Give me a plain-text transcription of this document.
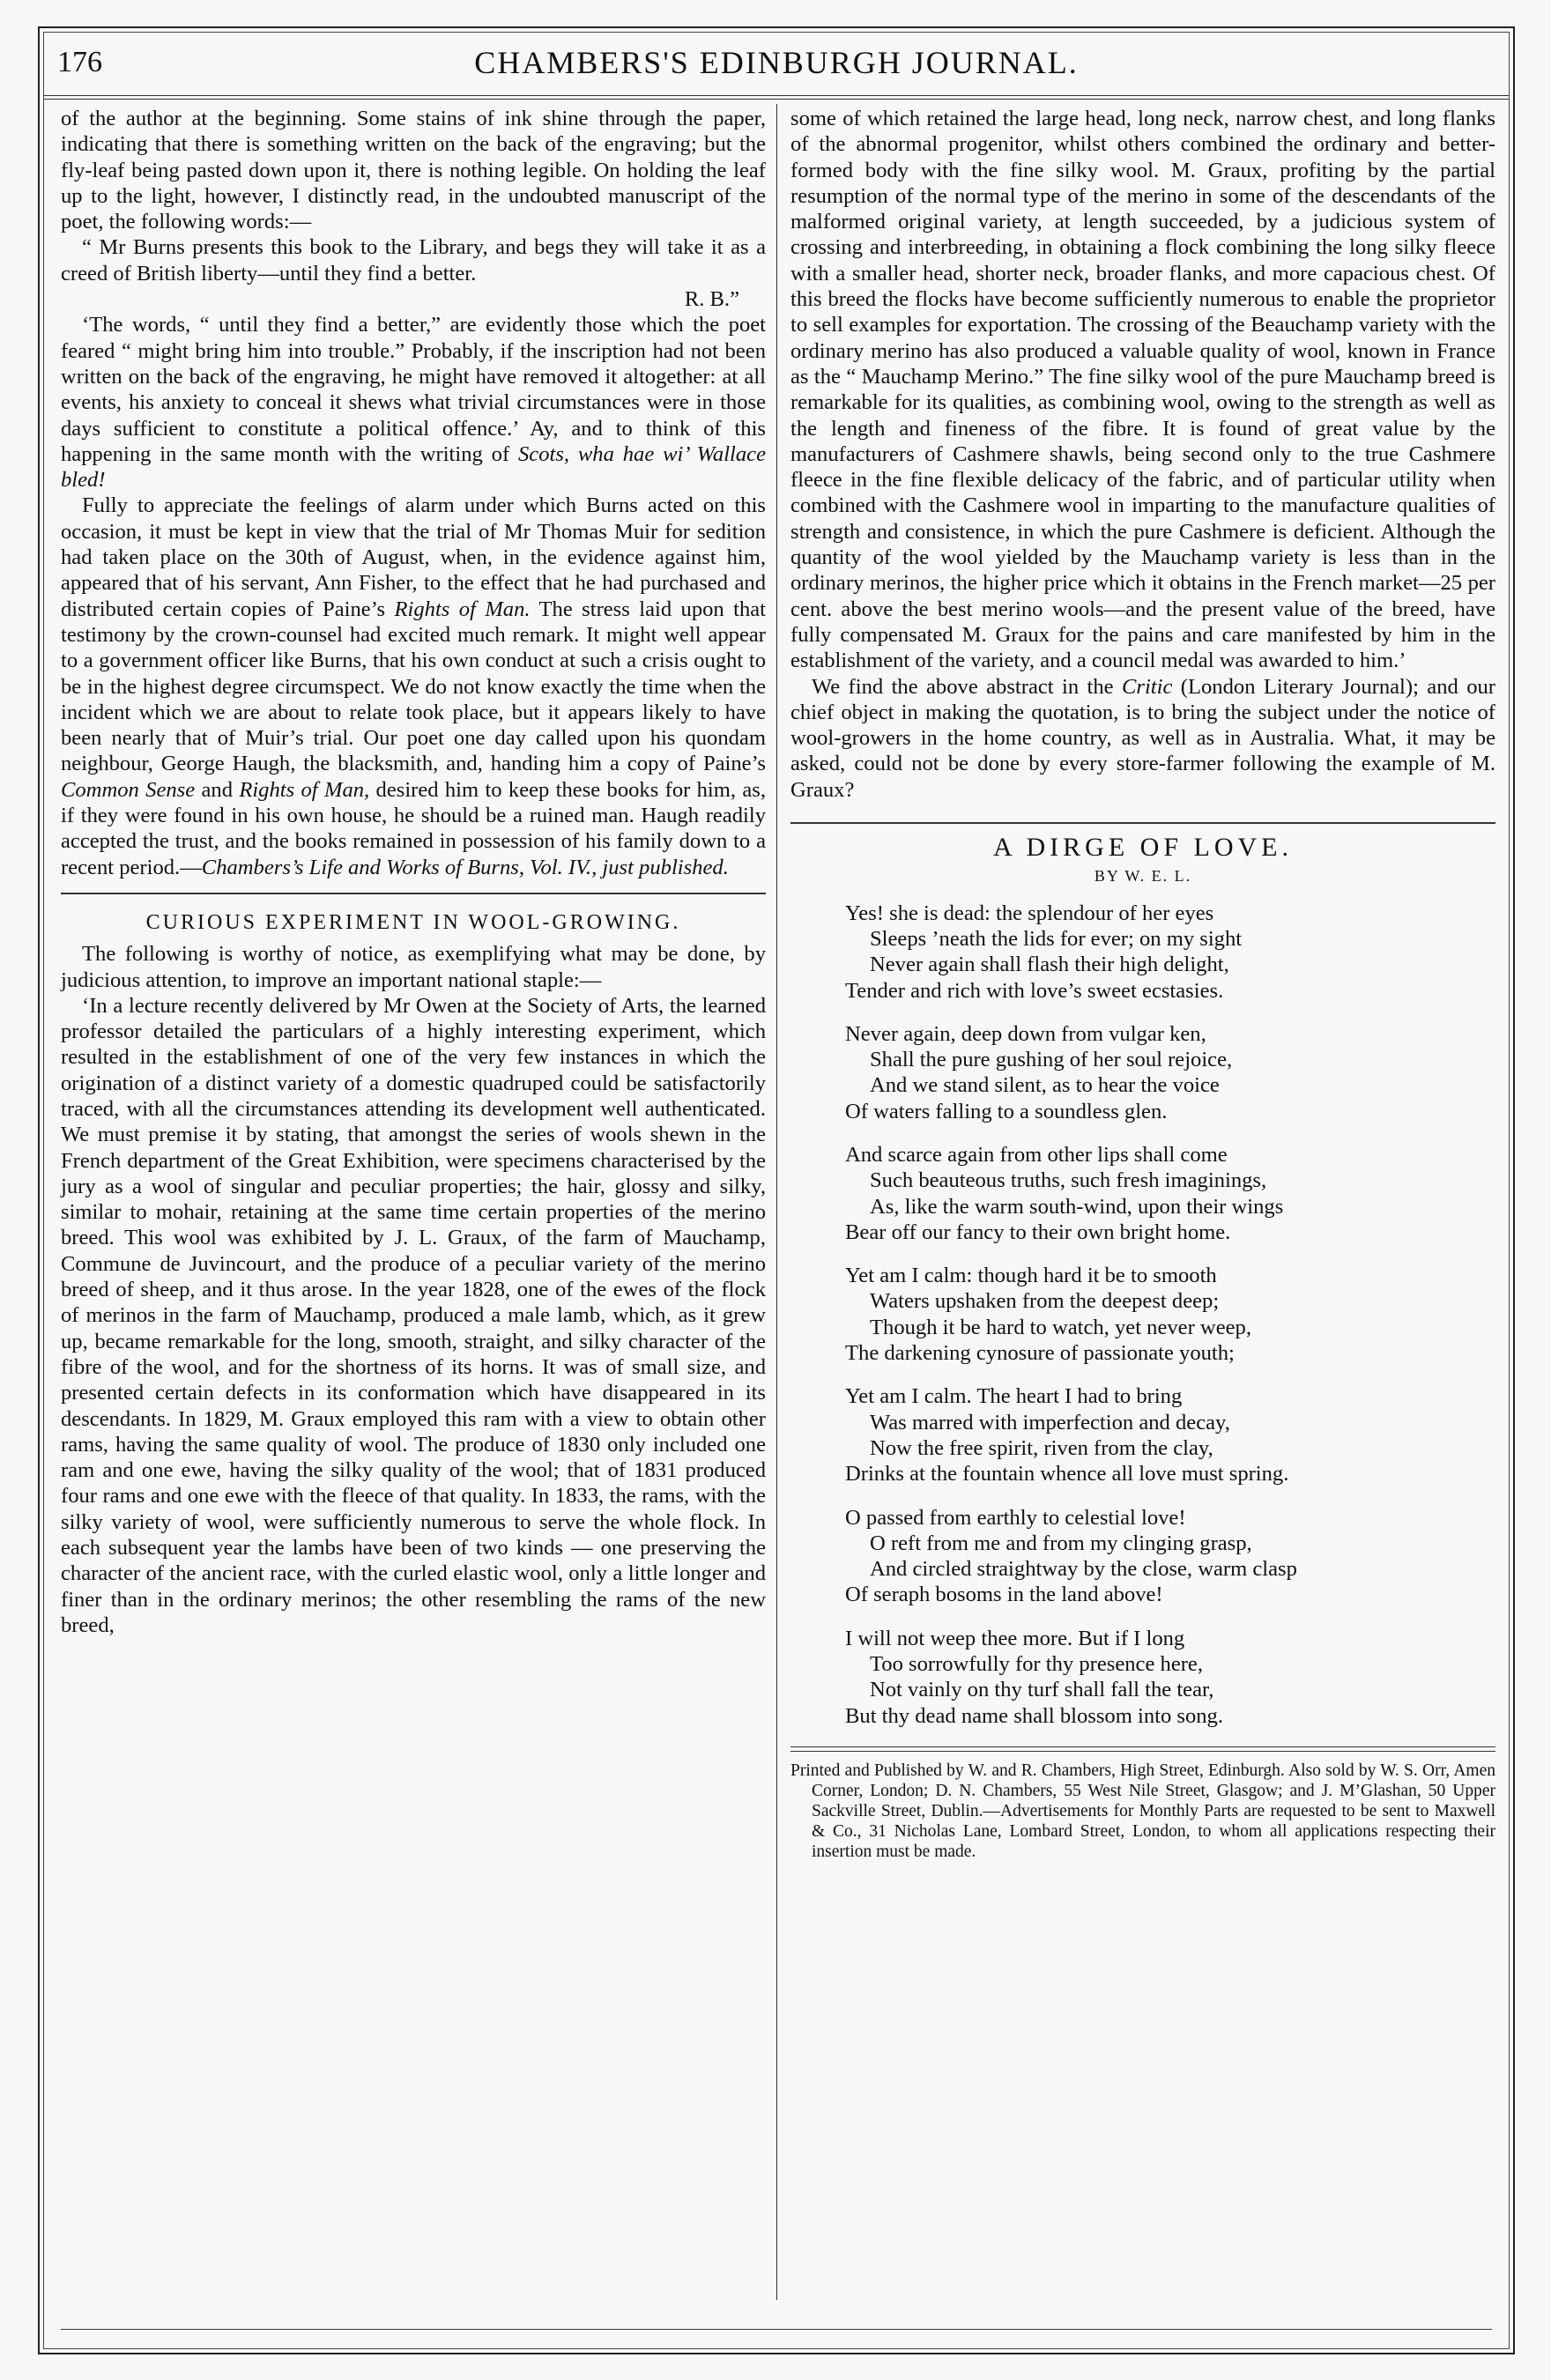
176	CHAMBERS'S EDINBURGH JOURNAL.

of the author at the beginning. Some stains of ink shine through the paper, indicating that there is something written on the back of the engraving; but the fly-leaf being pasted down upon it, there is nothing legible. On holding the leaf up to the light, however, I distinctly read, in the undoubted manuscript of the poet, the following words:—

“ Mr Burns presents this book to the Library, and begs they will take it as a creed of British liberty—until they find a better.

R. B.”

‘The words, “ until they find a better,” are evidently those which the poet feared “ might bring him into trouble.” Probably, if the inscription had not been written on the back of the engraving, he might have removed it altogether: at all events, his anxiety to conceal it shews what trivial circumstances were in those days sufficient to constitute a political offence.’ Ay, and to think of this happening in the same month with the writing of Scots, wha hae wi’ Wallace bled!

Fully to appreciate the feelings of alarm under which Burns acted on this occasion, it must be kept in view that the trial of Mr Thomas Muir for sedition had taken place on the 30th of August, when, in the evidence against him, appeared that of his servant, Ann Fisher, to the effect that he had purchased and distributed certain copies of Paine’s Rights of Man. The stress laid upon that testimony by the crown-counsel had excited much remark. It might well appear to a government officer like Burns, that his own conduct at such a crisis ought to be in the highest degree circumspect. We do not know exactly the time when the incident which we are about to relate took place, but it appears likely to have been nearly that of Muir’s trial. Our poet one day called upon his quondam neighbour, George Haugh, the blacksmith, and, handing him a copy of Paine’s Common Sense and Rights of Man, desired him to keep these books for him, as, if they were found in his own house, he should be a ruined man. Haugh readily accepted the trust, and the books remained in possession of his family down to a recent period.—Chambers’s Life and Works of Burns, Vol. IV., just published.

CURIOUS EXPERIMENT IN WOOL-GROWING.

The following is worthy of notice, as exemplifying what may be done, by judicious attention, to improve an important national staple:—

‘In a lecture recently delivered by Mr Owen at the Society of Arts, the learned professor detailed the particulars of a highly interesting experiment, which resulted in the establishment of one of the very few instances in which the origination of a distinct variety of a domestic quadruped could be satisfactorily traced, with all the circumstances attending its development well authenticated. We must premise it by stating, that amongst the series of wools shewn in the French department of the Great Exhibition, were specimens characterised by the jury as a wool of singular and peculiar properties; the hair, glossy and silky, similar to mohair, retaining at the same time certain properties of the merino breed. This wool was exhibited by J. L. Graux, of the farm of Mauchamp, Commune de Juvincourt, and the produce of a peculiar variety of the merino breed of sheep, and it thus arose. In the year 1828, one of the ewes of the flock of merinos in the farm of Mauchamp, produced a male lamb, which, as it grew up, became remarkable for the long, smooth, straight, and silky character of the fibre of the wool, and for the shortness of its horns. It was of small size, and presented certain defects in its conformation which have disappeared in its descendants. In 1829, M. Graux employed this ram with a view to obtain other rams, having the same quality of wool. The produce of 1830 only included one ram and one ewe, having the silky quality of the wool; that of 1831 produced four rams and one ewe with the fleece of that quality. In 1833, the rams, with the silky variety of wool, were sufficiently numerous to serve the whole flock. In each subsequent year the lambs have been of two kinds — one preserving the character of the ancient race, with the curled elastic wool, only a little longer and finer than in the ordinary merinos; the other resembling the rams of the new breed,

some of which retained the large head, long neck, narrow chest, and long flanks of the abnormal progenitor, whilst others combined the ordinary and better-formed body with the fine silky wool. M. Graux, profiting by the partial resumption of the normal type of the merino in some of the descendants of the malformed original variety, at length succeeded, by a judicious system of crossing and interbreeding, in obtaining a flock combining the long silky fleece with a smaller head, shorter neck, broader flanks, and more capacious chest. Of this breed the flocks have become sufficiently numerous to enable the proprietor to sell examples for exportation. The crossing of the Beauchamp variety with the ordinary merino has also produced a valuable quality of wool, known in France as the “ Mauchamp Merino.” The fine silky wool of the pure Mauchamp breed is remarkable for its qualities, as combining wool, owing to the strength as well as the length and fineness of the fibre. It is found of great value by the manufacturers of Cashmere shawls, being second only to the true Cashmere fleece in the fine flexible delicacy of the fabric, and of particular utility when combined with the Cashmere wool in imparting to the manufacture qualities of strength and consistence, in which the pure Cashmere is deficient. Although the quantity of the wool yielded by the Mauchamp variety is less than in the ordinary merinos, the higher price which it obtains in the French market—25 per cent. above the best merino wools—and the present value of the breed, have fully compensated M. Graux for the pains and care manifested by him in the establishment of the variety, and a council medal was awarded to him.’

We find the above abstract in the Critic (London Literary Journal); and our chief object in making the quotation, is to bring the subject under the notice of wool-growers in the home country, as well as in Australia. What, it may be asked, could not be done by every store-farmer following the example of M. Graux?

A DIRGE OF LOVE.
BY W. E. L.
Yes! she is dead: the splendour of her eyes
Sleeps ’neath the lids for ever; on my sight
Never again shall flash their high delight,
Tender and rich with love’s sweet ecstasies.
Never again, deep down from vulgar ken,
Shall the pure gushing of her soul rejoice,
And we stand silent, as to hear the voice
Of waters falling to a soundless glen.
And scarce again from other lips shall come
Such beauteous truths, such fresh imaginings,
As, like the warm south-wind, upon their wings
Bear off our fancy to their own bright home.
Yet am I calm: though hard it be to smooth
Waters upshaken from the deepest deep;
Though it be hard to watch, yet never weep,
The darkening cynosure of passionate youth;
Yet am I calm. The heart I had to bring
Was marred with imperfection and decay,
Now the free spirit, riven from the clay,
Drinks at the fountain whence all love must spring.
O passed from earthly to celestial love!
O reft from me and from my clinging grasp,
And circled straightway by the close, warm clasp
Of seraph bosoms in the land above!
I will not weep thee more. But if I long
Too sorrowfully for thy presence here,
Not vainly on thy turf shall fall the tear,
But thy dead name shall blossom into song.

Printed and Published by W. and R. Chambers, High Street, Edinburgh. Also sold by W. S. Orr, Amen Corner, London; D. N. Chambers, 55 West Nile Street, Glasgow; and J. M’Glashan, 50 Upper Sackville Street, Dublin.—Advertisements for Monthly Parts are requested to be sent to Maxwell & Co., 31 Nicholas Lane, Lombard Street, London, to whom all applications respecting their insertion must be made.
